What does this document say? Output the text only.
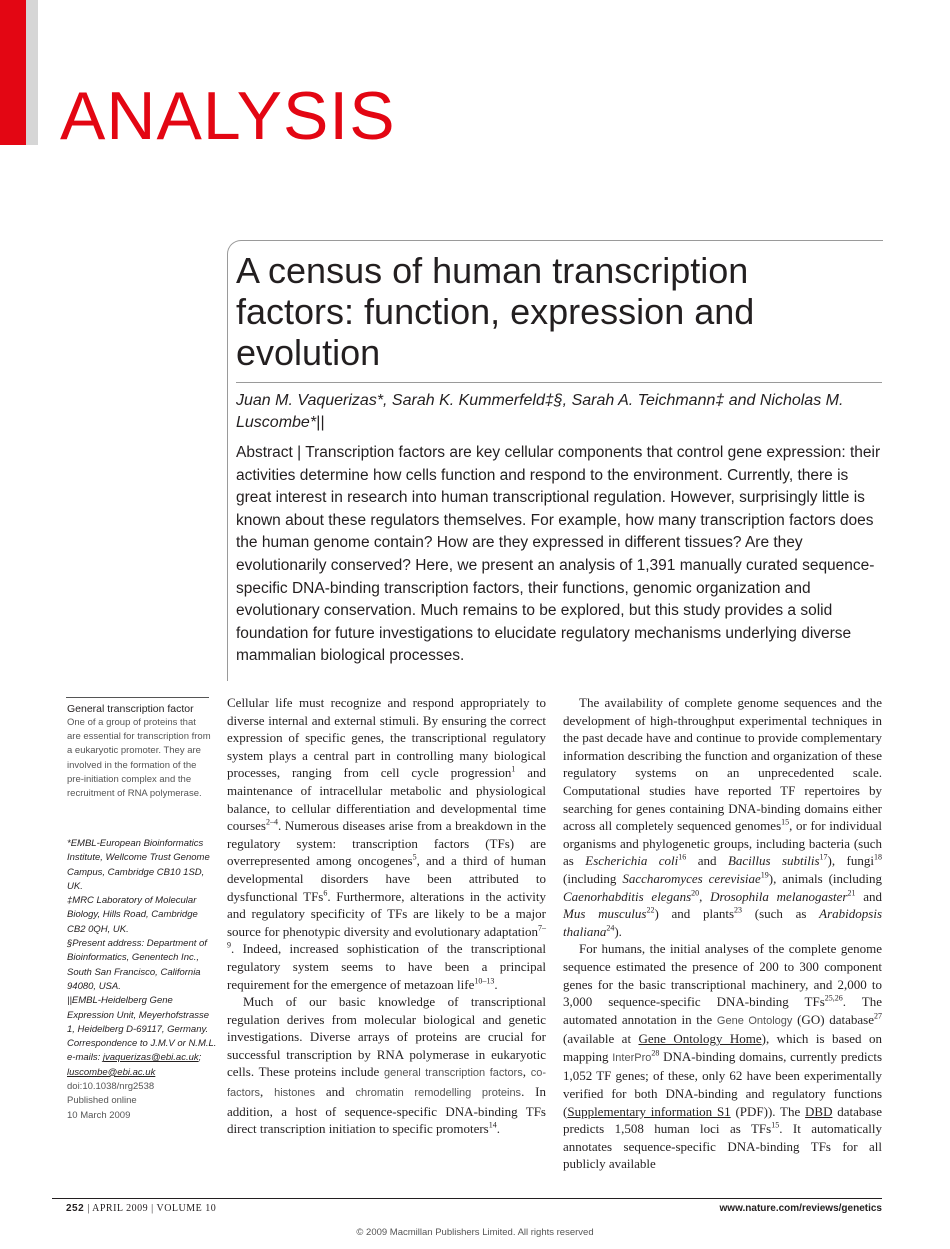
ANALYSIS
A census of human transcription factors: function, expression and evolution
Juan M. Vaquerizas*, Sarah K. Kummerfeld‡§, Sarah A. Teichmann‡ and Nicholas M. Luscombe*||
Abstract | Transcription factors are key cellular components that control gene expression: their activities determine how cells function and respond to the environment. Currently, there is great interest in research into human transcriptional regulation. However, surprisingly little is known about these regulators themselves. For example, how many transcription factors does the human genome contain? How are they expressed in different tissues? Are they evolutionarily conserved? Here, we present an analysis of 1,391 manually curated sequence-specific DNA-binding transcription factors, their functions, genomic organization and evolutionary conservation. Much remains to be explored, but this study provides a solid foundation for future investigations to elucidate regulatory mechanisms underlying diverse mammalian biological processes.
General transcription factor
One of a group of proteins that are essential for transcription from a eukaryotic promoter. They are involved in the formation of the pre-initiation complex and the recruitment of RNA polymerase.
*EMBL-European Bioinformatics Institute, Wellcome Trust Genome Campus, Cambridge CB10 1SD, UK.
‡MRC Laboratory of Molecular Biology, Hills Road, Cambridge CB2 0QH, UK.
§Present address: Department of Bioinformatics, Genentech Inc., South San Francisco, California 94080, USA.
||EMBL-Heidelberg Gene Expression Unit, Meyerhofstrasse 1, Heidelberg D-69117, Germany.
Correspondence to J.M.V or N.M.L.
e-mails: jvaquerizas@ebi.ac.uk; luscombe@ebi.ac.uk
doi:10.1038/nrg2538
Published online
10 March 2009

Cellular life must recognize and respond appropriately to diverse internal and external stimuli. By ensuring the correct expression of specific genes, the transcriptional regulatory system plays a central part in controlling many biological processes, ranging from cell cycle progression$^1$ and maintenance of intracellular metabolic and physiological balance, to cellular differentiation and developmental time courses$^{2-4}$. Numerous diseases arise from a breakdown in the regulatory system: transcription factors (TFs) are overrepresented among oncogenes$^5$, and a third of human developmental disorders have been attributed to dysfunctional TFs$^6$. Furthermore, alterations in the activity and regulatory specificity of TFs are likely to be a major source for phenotypic diversity and evolutionary adaptation$^{7-9}$. Indeed, increased sophistication of the transcriptional regulatory system seems to have been a principal requirement for the emergence of metazoan life$^{10-13}$.

Much of our basic knowledge of transcriptional regulation derives from molecular biological and genetic investigations. Diverse arrays of proteins are crucial for successful transcription by RNA polymerase in eukaryotic cells. These proteins include general transcription factors, co-factors, histones and chromatin remodelling proteins. In addition, a host of sequence-specific DNA-binding TFs direct transcription initiation to specific promoters$^{14}$.

The availability of complete genome sequences and the development of high-throughput experimental techniques in the past decade have and continue to provide complementary information describing the function and organization of these regulatory systems on an unprecedented scale. Computational studies have reported TF repertoires by searching for genes containing DNA-binding domains either across all completely sequenced genomes$^{15}$, or for individual organisms and phylogenetic groups, including bacteria (such as Escherichia coli$^{16}$ and Bacillus subtilis$^{17}$), fungi$^{18}$ (including Saccharomyces cerevisiae$^{19}$), animals (including Caenorhabditis elegans$^{20}$, Drosophila melanogaster$^{21}$ and Mus musculus$^{22}$) and plants$^{23}$ (such as Arabidopsis thaliana$^{24}$).

For humans, the initial analyses of the complete genome sequence estimated the presence of 200 to 300 component genes for the basic transcriptional machinery, and 2,000 to 3,000 sequence-specific DNA-binding TFs$^{25,26}$. The automated annotation in the Gene Ontology (GO) database$^{27}$ (available at Gene Ontology Home), which is based on mapping InterPro$^{28}$ DNA-binding domains, currently predicts 1,052 TF genes; of these, only 62 have been experimentally verified for both DNA-binding and regulatory functions (Supplementary information S1 (PDF)). The DBD database predicts 1,508 human loci as TFs$^{15}$. It automatically annotates sequence-specific DNA-binding TFs for all publicly available

252 | APRIL 2009 | VOLUME 10	www.nature.com/reviews/genetics
© 2009 Macmillan Publishers Limited. All rights reserved
